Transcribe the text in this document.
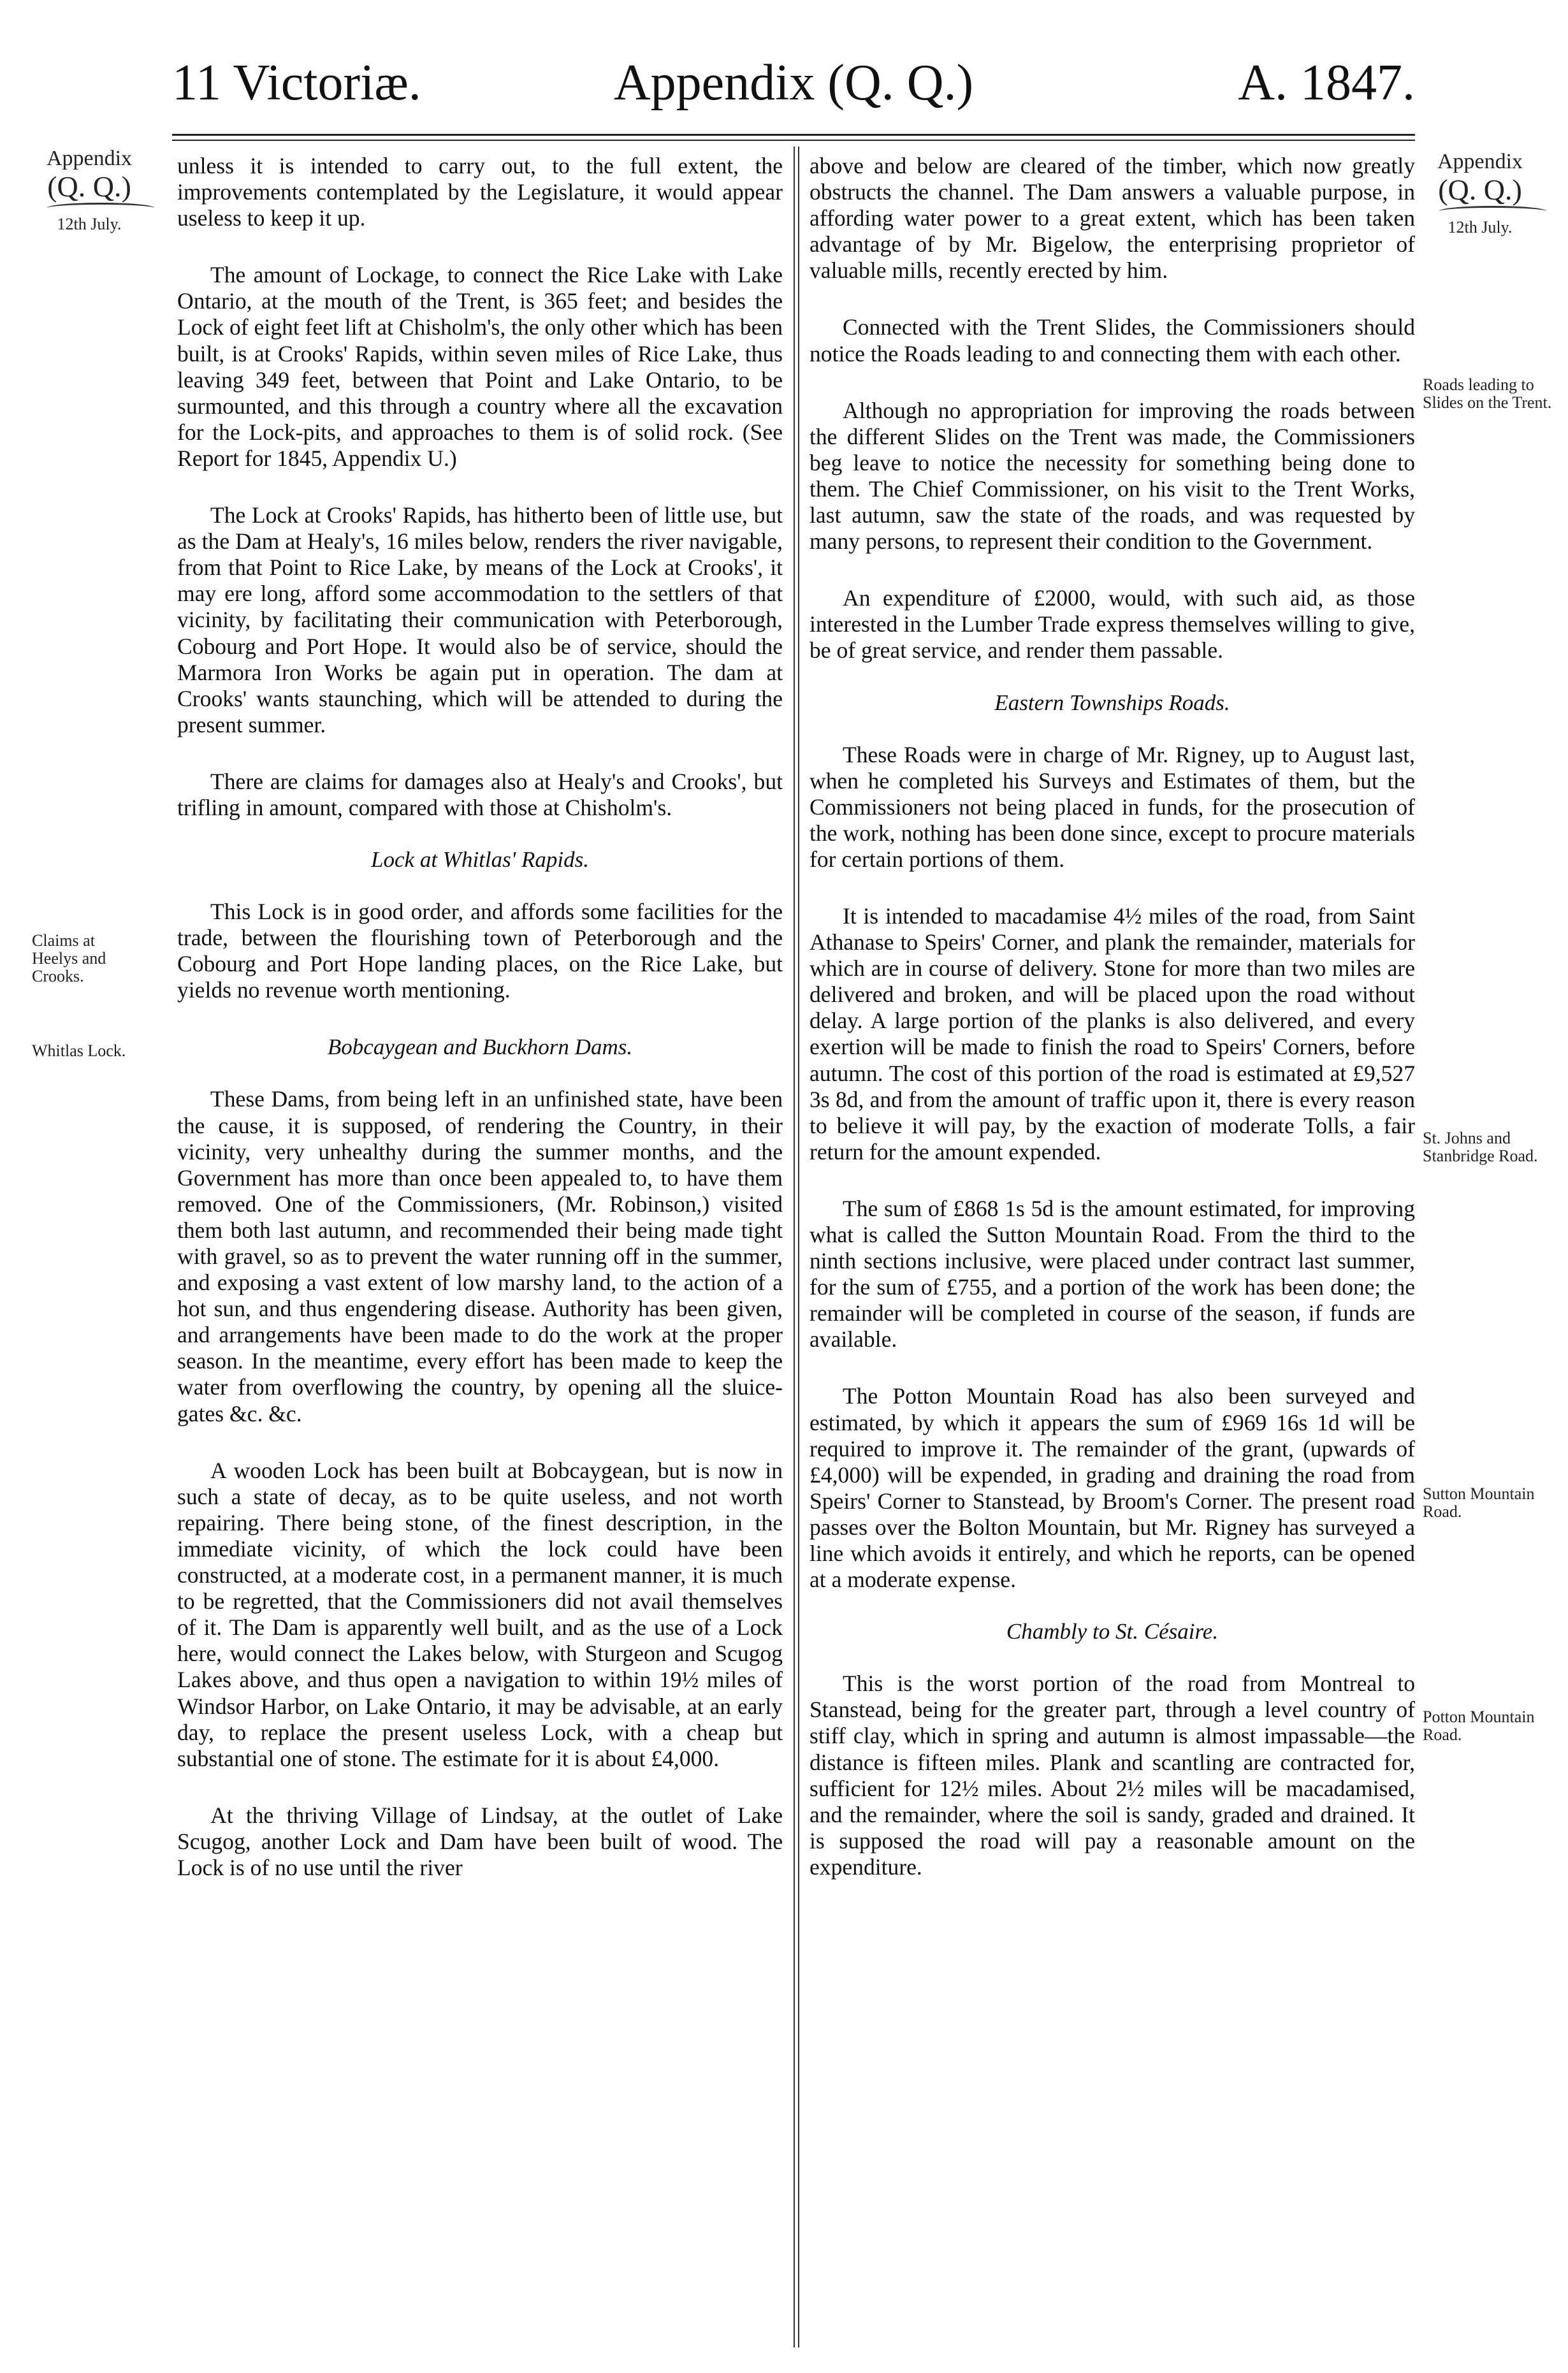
11 Victoriæ.	Appendix (Q. Q.)	A. 1847.
Appendix
(Q. Q.)
12th July.
Claims at Heelys and Crooks.
Whitlas Lock.
Appendix
(Q. Q.)
12th July.
Roads leading to Slides on the Trent.
St. Johns and Stanbridge Road.
Sutton Mountain Road.
Potton Mountain Road.

unless it is intended to carry out, to the full extent, the improvements contemplated by the Legislature, it would appear useless to keep it up.

The amount of Lockage, to connect the Rice Lake with Lake Ontario, at the mouth of the Trent, is 365 feet; and besides the Lock of eight feet lift at Chisholm's, the only other which has been built, is at Crooks' Rapids, within seven miles of Rice Lake, thus leaving 349 feet, between that Point and Lake Ontario, to be surmounted, and this through a country where all the excavation for the Lock-pits, and approaches to them is of solid rock. (See Report for 1845, Appendix U.)

The Lock at Crooks' Rapids, has hitherto been of little use, but as the Dam at Healy's, 16 miles below, renders the river navigable, from that Point to Rice Lake, by means of the Lock at Crooks', it may ere long, afford some accommodation to the settlers of that vicinity, by facilitating their communication with Peterborough, Cobourg and Port Hope. It would also be of service, should the Marmora Iron Works be again put in operation. The dam at Crooks' wants staunching, which will be attended to during the present summer.

There are claims for damages also at Healy's and Crooks', but trifling in amount, compared with those at Chisholm's.

Lock at Whitlas' Rapids.

This Lock is in good order, and affords some facilities for the trade, between the flourishing town of Peterborough and the Cobourg and Port Hope landing places, on the Rice Lake, but yields no revenue worth mentioning.

Bobcaygean and Buckhorn Dams.

These Dams, from being left in an unfinished state, have been the cause, it is supposed, of rendering the Country, in their vicinity, very unhealthy during the summer months, and the Government has more than once been appealed to, to have them removed. One of the Commissioners, (Mr. Robinson,) visited them both last autumn, and recommended their being made tight with gravel, so as to prevent the water running off in the summer, and exposing a vast extent of low marshy land, to the action of a hot sun, and thus engendering disease. Authority has been given, and arrangements have been made to do the work at the proper season. In the meantime, every effort has been made to keep the water from overflowing the country, by opening all the sluice-gates &c. &c.

A wooden Lock has been built at Bobcaygean, but is now in such a state of decay, as to be quite useless, and not worth repairing. There being stone, of the finest description, in the immediate vicinity, of which the lock could have been constructed, at a moderate cost, in a permanent manner, it is much to be regretted, that the Commissioners did not avail themselves of it. The Dam is apparently well built, and as the use of a Lock here, would connect the Lakes below, with Sturgeon and Scugog Lakes above, and thus open a navigation to within 19½ miles of Windsor Harbor, on Lake Ontario, it may be advisable, at an early day, to replace the present useless Lock, with a cheap but substantial one of stone. The estimate for it is about £4,000.

At the thriving Village of Lindsay, at the outlet of Lake Scugog, another Lock and Dam have been built of wood. The Lock is of no use until the river

above and below are cleared of the timber, which now greatly obstructs the channel. The Dam answers a valuable purpose, in affording water power to a great extent, which has been taken advantage of by Mr. Bigelow, the enterprising proprietor of valuable mills, recently erected by him.

Connected with the Trent Slides, the Commissioners should notice the Roads leading to and connecting them with each other.

Although no appropriation for improving the roads between the different Slides on the Trent was made, the Commissioners beg leave to notice the necessity for something being done to them. The Chief Commissioner, on his visit to the Trent Works, last autumn, saw the state of the roads, and was requested by many persons, to represent their condition to the Government.

An expenditure of £2000, would, with such aid, as those interested in the Lumber Trade express themselves willing to give, be of great service, and render them passable.

Eastern Townships Roads.

These Roads were in charge of Mr. Rigney, up to August last, when he completed his Surveys and Estimates of them, but the Commissioners not being placed in funds, for the prosecution of the work, nothing has been done since, except to procure materials for certain portions of them.

It is intended to macadamise 4½ miles of the road, from Saint Athanase to Speirs' Corner, and plank the remainder, materials for which are in course of delivery. Stone for more than two miles are delivered and broken, and will be placed upon the road without delay. A large portion of the planks is also delivered, and every exertion will be made to finish the road to Speirs' Corners, before autumn. The cost of this portion of the road is estimated at £9,527 3s 8d, and from the amount of traffic upon it, there is every reason to believe it will pay, by the exaction of moderate Tolls, a fair return for the amount expended.

The sum of £868 1s 5d is the amount estimated, for improving what is called the Sutton Mountain Road. From the third to the ninth sections inclusive, were placed under contract last summer, for the sum of £755, and a portion of the work has been done; the remainder will be completed in course of the season, if funds are available.

The Potton Mountain Road has also been surveyed and estimated, by which it appears the sum of £969 16s 1d will be required to improve it. The remainder of the grant, (upwards of £4,000) will be expended, in grading and draining the road from Speirs' Corner to Stanstead, by Broom's Corner. The present road passes over the Bolton Mountain, but Mr. Rigney has surveyed a line which avoids it entirely, and which he reports, can be opened at a moderate expense.

Chambly to St. Césaire.

This is the worst portion of the road from Montreal to Stanstead, being for the greater part, through a level country of stiff clay, which in spring and autumn is almost impassable—the distance is fifteen miles. Plank and scantling are contracted for, sufficient for 12½ miles. About 2½ miles will be macadamised, and the remainder, where the soil is sandy, graded and drained. It is supposed the road will pay a reasonable amount on the expenditure.
